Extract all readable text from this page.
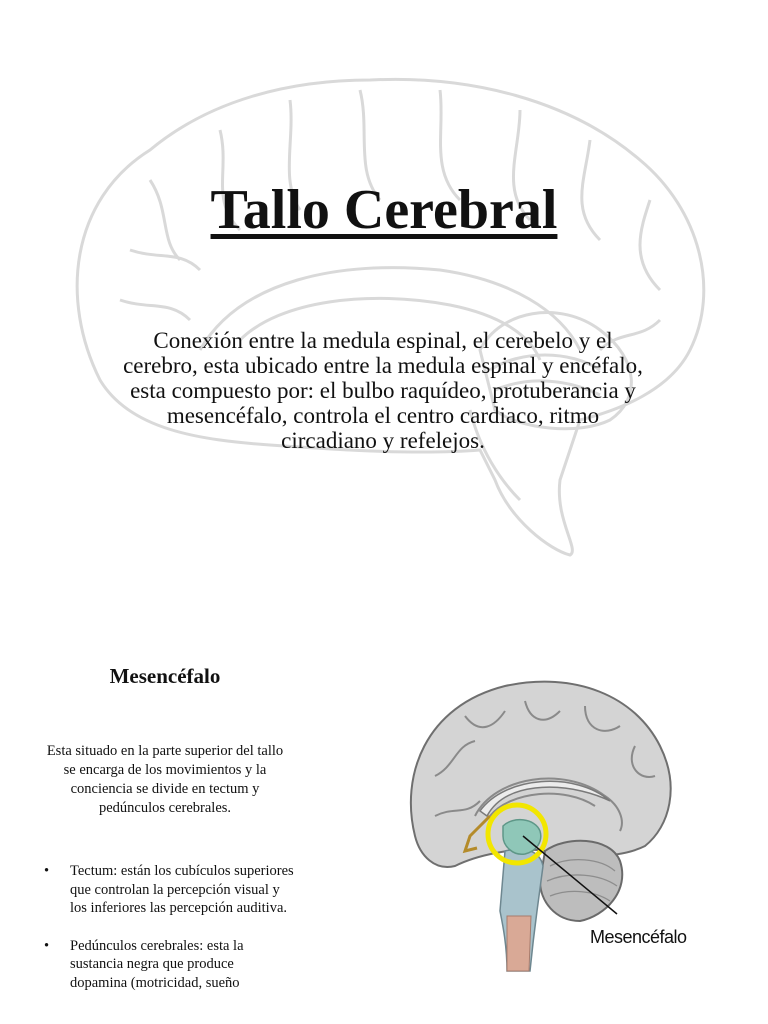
Tallo Cerebral

Conexión entre la medula espinal, el cerebelo y el cerebro, esta ubicado entre la medula espinal y encéfalo, esta compuesto por: el bulbo raquídeo, protuberancia y mesencéfalo, controla el centro cardiaco, ritmo circadiano y refelejos.

Mesencéfalo

Esta situado en la parte superior del tallo se encarga de los movimientos y la conciencia se divide en tectum y pedúnculos cerebrales.

• Tectum: están los cubículos superiores que controlan la percepción visual y los inferiores las percepción auditiva.
• Pedúnculos cerebrales: esta la sustancia negra que produce dopamina (motricidad, sueño

Mesencéfalo
